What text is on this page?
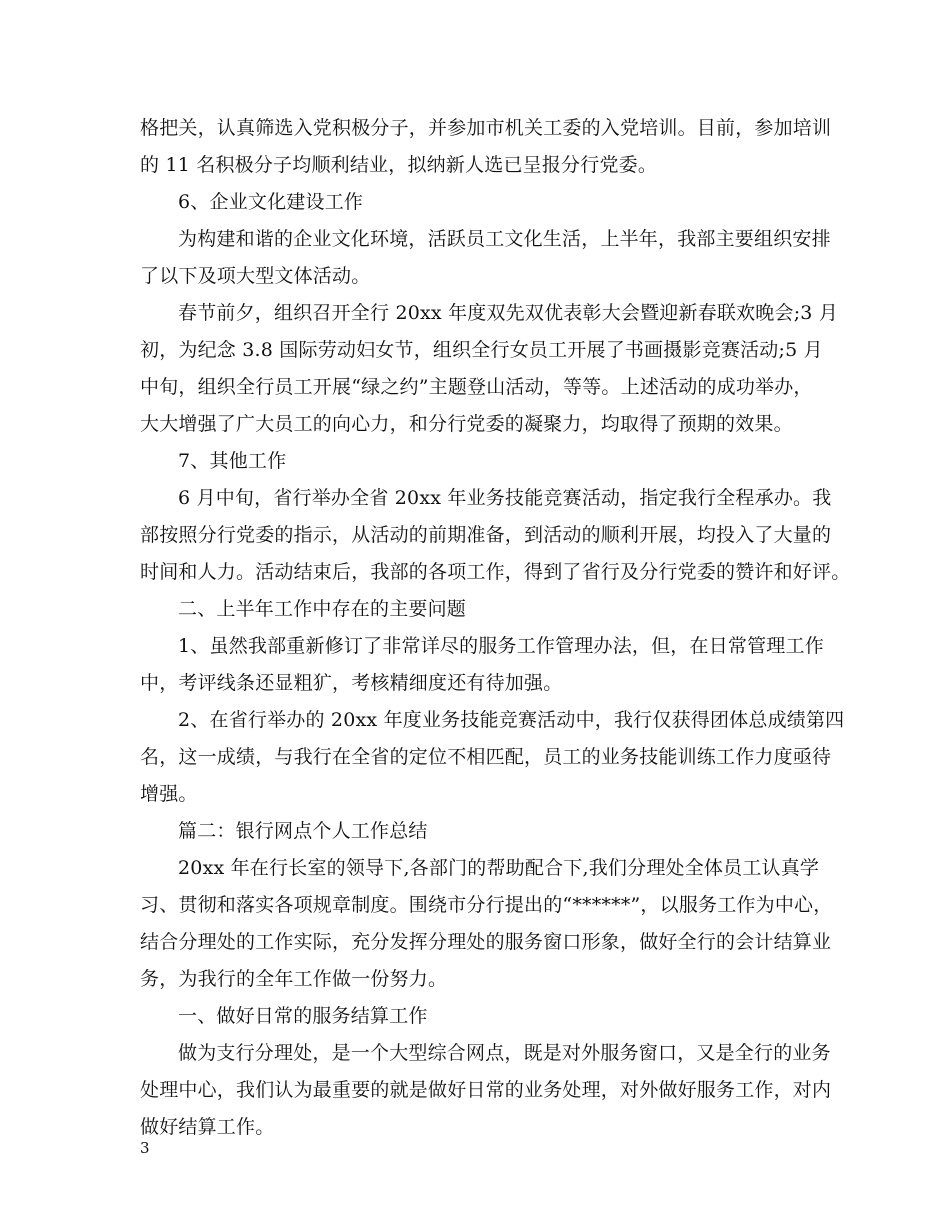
格把关，认真筛选入党积极分子，并参加市机关工委的入党培训。目前，参加培训
的 11 名积极分子均顺利结业，拟纳新人选已呈报分行党委。
6、企业文化建设工作
为构建和谐的企业文化环境，活跃员工文化生活，上半年，我部主要组织安排
了以下及项大型文体活动。
春节前夕，组织召开全行 20xx 年度双先双优表彰大会暨迎新春联欢晚会;3 月
初，为纪念 3.8 国际劳动妇女节，组织全行女员工开展了书画摄影竞赛活动;5 月
中旬，组织全行员工开展“绿之约”主题登山活动，等等。上述活动的成功举办，
大大增强了广大员工的向心力，和分行党委的凝聚力，均取得了预期的效果。
7、其他工作
6 月中旬，省行举办全省 20xx 年业务技能竞赛活动，指定我行全程承办。我
部按照分行党委的指示，从活动的前期准备，到活动的顺利开展，均投入了大量的
时间和人力。活动结束后，我部的各项工作，得到了省行及分行党委的赞许和好评。
二、上半年工作中存在的主要问题
1、虽然我部重新修订了非常详尽的服务工作管理办法，但，在日常管理工作
中，考评线条还显粗犷，考核精细度还有待加强。
2、在省行举办的 20xx 年度业务技能竞赛活动中，我行仅获得团体总成绩第四
名，这一成绩，与我行在全省的定位不相匹配，员工的业务技能训练工作力度亟待
增强。
篇二：银行网点个人工作总结
20xx 年在行长室的领导下,各部门的帮助配合下,我们分理处全体员工认真学
习、贯彻和落实各项规章制度。围绕市分行提出的“******”，以服务工作为中心，
结合分理处的工作实际，充分发挥分理处的服务窗口形象，做好全行的会计结算业
务，为我行的全年工作做一份努力。
一、做好日常的服务结算工作
做为支行分理处，是一个大型综合网点，既是对外服务窗口，又是全行的业务
处理中心，我们认为最重要的就是做好日常的业务处理，对外做好服务工作，对内
做好结算工作。
3
